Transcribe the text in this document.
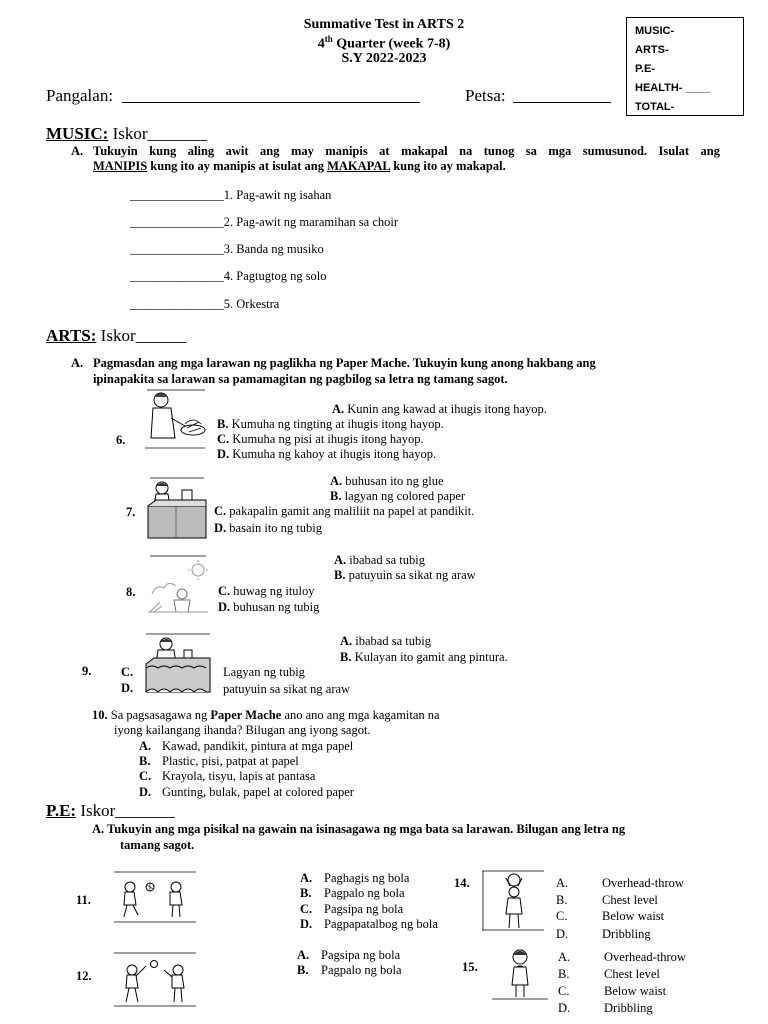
Summative Test in ARTS 2
4th Quarter (week 7-8)
S.Y 2022-2023
MUSIC-
ARTS-
P.E-
HEALTH- ____
TOTAL-
Pangalan:	Petsa:
MUSIC: Iskor_______
A. Tukuyin kung aling awit ang may manipis at makapal na tunog sa mga sumusunod. Isulat ang
MANIPIS kung ito ay manipis at isulat ang MAKAPAL kung ito ay makapal.
_______________1. Pag-awit ng isahan
_______________2. Pag-awit ng maramihan sa choir
_______________3. Banda ng musiko
_______________4. Pagtugtog ng solo
_______________5. Orkestra
ARTS: Iskor______
A. Pagmasdan ang mga larawan ng paglikha ng Paper Mache. Tukuyin kung anong hakbang ang
ipinapakita sa larawan sa pamamagitan ng pagbilog sa letra ng tamang sagot.
6.
A. Kunin ang kawad at ihugis itong hayop.
B. Kumuha ng tingting at ihugis itong hayop.
C. Kumuha ng pisi at ihugis itong hayop.
D. Kumuha ng kahoy at ihugis itong hayop.
7.
A. buhusan ito ng glue
B. lagyan ng colored paper
C. pakapalin gamit ang maliliit na papel at pandikit.
D. basain ito ng tubig
8.
A. ibabad sa tubig
B. patuyuin sa sikat ng araw
C. huwag ng ituloy
D. buhusan ng tubig
9.
A. ibabad sa tubig
B. Kulayan ito gamit ang pintura.
C.	Lagyan ng tubig
D.	patuyuin sa sikat ng araw
10. Sa pagsasagawa ng Paper Mache ano ano ang mga kagamitan na
iyong kailangang ihanda? Bilugan ang iyong sagot.
A. Kawad, pandikit, pintura at mga papel
B. Plastic, pisi, patpat at papel
C. Krayola, tisyu, lapis at pantasa
D. Gunting, bulak, papel at colored paper
P.E: Iskor_______
A. Tukuyin ang mga pisikal na gawain na isinasagawa ng mga bata sa larawan. Bilugan ang letra ng
tamang sagot.
11.
A. Paghagis ng bola
B. Pagpalo ng bola
C. Pagsipa ng bola
D. Pagpapatalbog ng bola
12.
A. Pagsipa ng bola
B. Pagpalo ng bola
14.	A.	Overhead-throw
B.	Chest level
C.	Below waist
D.	Dribbling
15.
A.	Overhead-throw
B.	Chest level
C.	Below waist
D.	Dribbling
